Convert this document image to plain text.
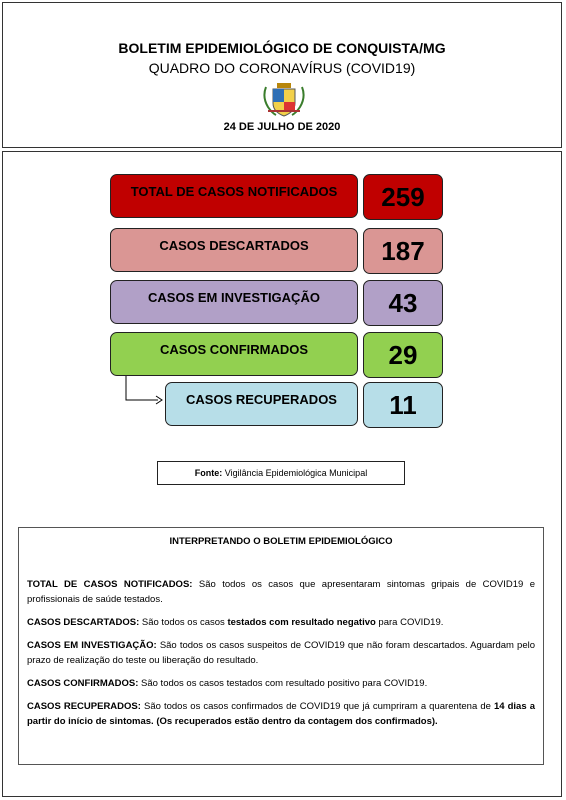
BOLETIM EPIDEMIOLÓGICO DE CONQUISTA/MG
QUADRO DO CORONAVÍRUS (COVID19)
24 DE JULHO DE 2020
TOTAL DE CASOS NOTIFICADOS	259
CASOS DESCARTADOS	187
CASOS EM INVESTIGAÇÃO	43
CASOS CONFIRMADOS	29
CASOS RECUPERADOS	11
Fonte: Vigilância Epidemiológica Municipal
INTERPRETANDO O BOLETIM EPIDEMIOLÓGICO
TOTAL DE CASOS NOTIFICADOS: São todos os casos que apresentaram sintomas gripais de COVID19 e profissionais de saúde testados.
CASOS DESCARTADOS: São todos os casos testados com resultado negativo para COVID19.
CASOS EM INVESTIGAÇÃO: São todos os casos suspeitos de COVID19 que não foram descartados. Aguardam pelo prazo de realização do teste ou liberação do resultado.
CASOS CONFIRMADOS: São todos os casos testados com resultado positivo para COVID19.
CASOS RECUPERADOS: São todos os casos confirmados de COVID19 que já cumpriram a quarentena de 14 dias a partir do início de sintomas. (Os recuperados estão dentro da contagem dos confirmados).
